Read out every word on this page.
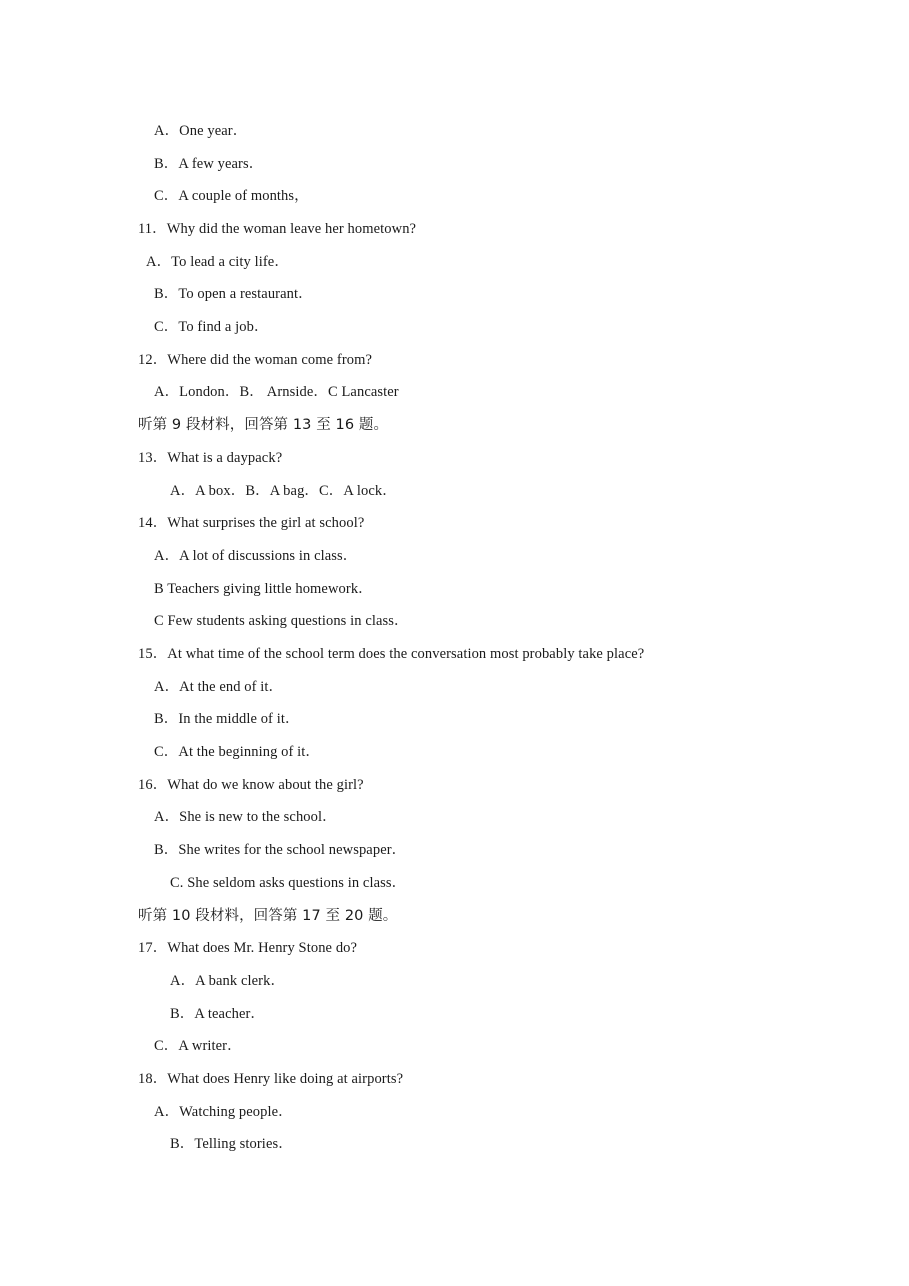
A．One year．
B．A few years．
C．A couple of months，
11．Why did the woman leave her hometown?
A．To lead a city life．
B．To open a restaurant．
C．To find a job．
12．Where did the woman come from?
A．London．B． Arnside．C Lancaster
听第 9 段材料，回答第 13 至 16 题。
13．What is a daypack?
A．A box．B．A bag．C．A lock．
14．What surprises the girl at school?
A．A lot of discussions in class．
B Teachers giving little homework．
C Few students asking questions in class．
15．At what time of the school term does the conversation most probably take place?
A．At the end of it．
B．In the middle of it．
C．At the beginning of it．
16．What do we know about the girl?
A．She is new to the school．
B．She writes for the school newspaper．
C. She seldom asks questions in class．
听第 10 段材料，回答第 17 至 20 题。
17．What does Mr. Henry Stone do?
A．A bank clerk．
B．A teacher．
C．A writer．
18．What does Henry like doing at airports?
A．Watching people．
B．Telling stories．
